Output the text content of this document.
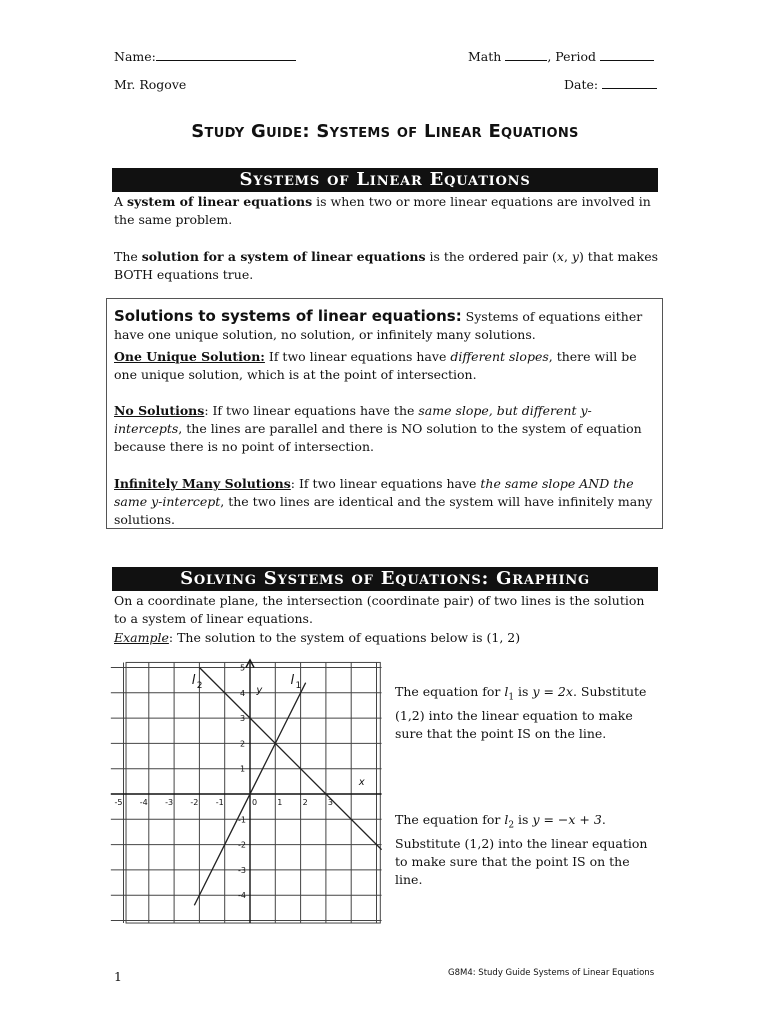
Name:	Math	, Period
Mr. Rogove	Date:
Study Guide: Systems of Linear Equations
Systems of Linear Equations
A system of linear equations is when two or more linear equations are involved in the same problem.
The solution for a system of linear equations is the ordered pair (x, y) that makes BOTH equations true.
Solutions to systems of linear equations: Systems of equations either have one unique solution, no solution, or infinitely many solutions.
One Unique Solution: If two linear equations have different slopes, there will be one unique solution, which is at the point of intersection.
No Solutions: If two linear equations have the same slope, but different y-intercepts, the lines are parallel and there is NO solution to the system of equation because there is no point of intersection.
Infinitely Many Solutions: If two linear equations have the same slope AND the same y-intercept, the two lines are identical and the system will have infinitely many solutions.
Solving Systems of Equations: Graphing
On a coordinate plane, the intersection (coordinate pair) of two lines is the solution to a system of linear equations.
Example: The solution to the system of equations below is (1, 2)
-5 -4 -3 -2 -1	0	1	2	3
5
4
3
2
1
-1
-2
-3
-4
x
y
l 2	l 1	The equation for $l_1$ is y = 2x. Substitute (1,2) into the linear equation to make sure that the point IS on the line.
The equation for $l_2$ is y = −x + 3. Substitute (1,2) into the linear equation to make sure that the point IS on the line.
1	G8M4: Study Guide Systems of Linear Equations
